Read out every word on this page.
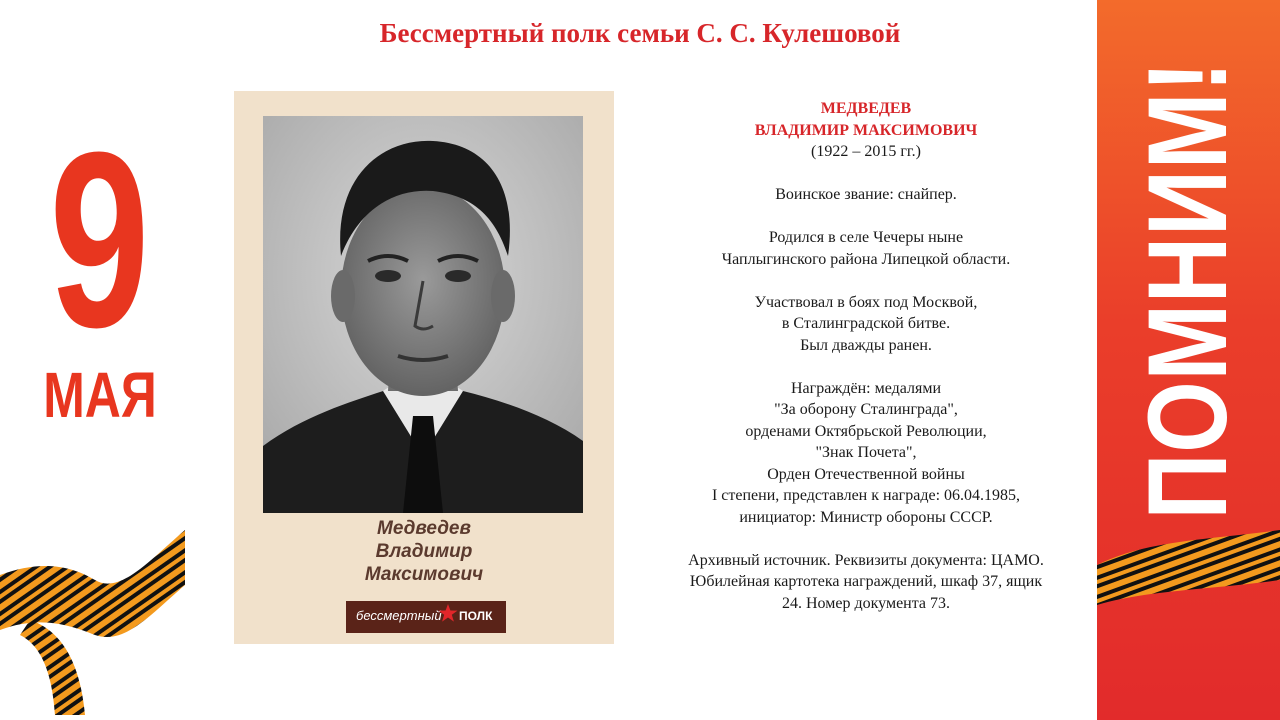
Бессмертный полк семьи С. С. Кулешовой
9
МАЯ	ПОМНИМ!
Медведев
Владимир
Максимович
бессмертный ПОЛК
МЕДВЕДЕВ
ВЛАДИМИР МАКСИМОВИЧ
(1922 – 2015 гг.)
Воинское звание: снайпер.
Родился в селе Чечеры ныне
Чаплыгинского района Липецкой области.
Участвовал в боях под Москвой,
в Сталинградской битве.
Был дважды ранен.
Награждён: медалями
"За оборону Сталинграда",
орденами Октябрьской Революции,
"Знак Почета",
Орден Отечественной войны
I степени, представлен к награде: 06.04.1985,
инициатор: Министр обороны СССР.
Архивный источник. Реквизиты документа: ЦАМО.
Юбилейная картотека награждений, шкаф 37, ящик
24. Номер документа 73.
